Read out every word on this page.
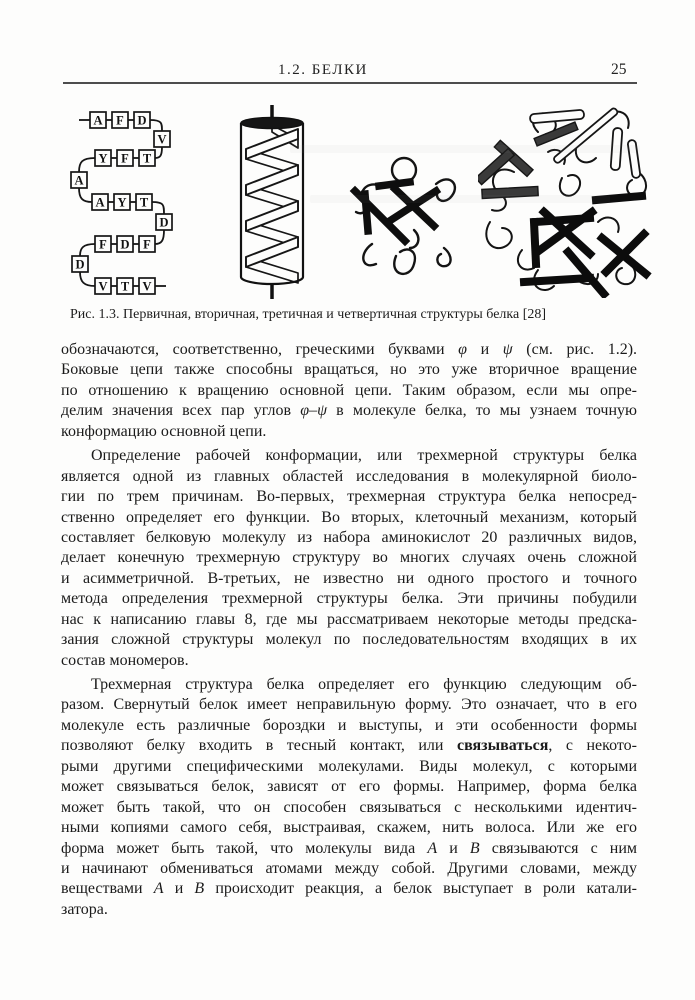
1.2. БЕЛКИ	25
A F D
V
Y F T
A
A Y T
D
F D F
D
V T V
Рис. 1.3. Первичная, вторичная, третичная и четвертичная структуры белка [28]
обозначаются, соответственно, греческими буквами φ и ψ (см. рис. 1.2).
Боковые цепи также способны вращаться, но это уже вторичное вращение
по отношению к вращению основной цепи. Таким образом, если мы опре-
делим значения всех пар углов φ–ψ в молекуле белка, то мы узнаем точную
конформацию основной цепи.
Определение рабочей конформации, или трехмерной структуры белка
является одной из главных областей исследования в молекулярной биоло-
гии по трем причинам. Во-первых, трехмерная структура белка непосред-
ственно определяет его функции. Во вторых, клеточный механизм, который
составляет белковую молекулу из набора аминокислот 20 различных видов,
делает конечную трехмерную структуру во многих случаях очень сложной
и асимметричной. В-третьих, не известно ни одного простого и точного
метода определения трехмерной структуры белка. Эти причины побудили
нас к написанию главы 8, где мы рассматриваем некоторые методы предска-
зания сложной структуры молекул по последовательностям входящих в их
состав мономеров.
Трехмерная структура белка определяет его функцию следующим об-
разом. Свернутый белок имеет неправильную форму. Это означает, что в его
молекуле есть различные бороздки и выступы, и эти особенности формы
позволяют белку входить в тесный контакт, или связываться, с некото-
рыми другими специфическими молекулами. Виды молекул, с которыми
может связываться белок, зависят от его формы. Например, форма белка
может быть такой, что он способен связываться с несколькими идентич-
ными копиями самого себя, выстраивая, скажем, нить волоса. Или же его
форма может быть такой, что молекулы вида A и B связываются с ним
и начинают обмениваться атомами между собой. Другими словами, между
веществами A и B происходит реакция, а белок выступает в роли катали-
затора.
